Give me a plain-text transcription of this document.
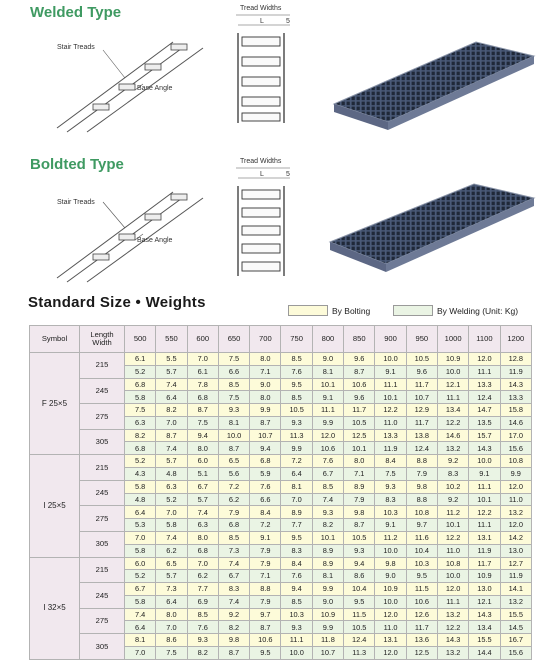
Welded Type
Boldted Type
Stair Treads
Base Angle
Stair Treads
Base Angle
Tread Widths
L	5
Tread Widths
L	5
Standard Size • Weights	By Bolting	By Welding (Unit: Kg)
Symbol	Length Width	500	550	600	650	700	750	800	850	900	950	1000	1100	1200
F 25×5	215	6.1	5.5	7.0	7.5	8.0	8.5	9.0	9.6	10.0	10.5	10.9	12.0	12.8
		5.2	5.7	6.1	6.6	7.1	7.6	8.1	8.7	9.1	9.6	10.0	11.1	11.9
	245	6.8	7.4	7.8	8.5	9.0	9.5	10.1	10.6	11.1	11.7	12.1	13.3	14.3
		5.8	6.4	6.8	7.5	8.0	8.5	9.1	9.6	10.1	10.7	11.1	12.4	13.3
	275	7.5	8.2	8.7	9.3	9.9	10.5	11.1	11.7	12.2	12.9	13.4	14.7	15.8
		6.3	7.0	7.5	8.1	8.7	9.3	9.9	10.5	11.0	11.7	12.2	13.5	14.6
	305	8.2	8.7	9.4	10.0	10.7	11.3	12.0	12.5	13.3	13.8	14.6	15.7	17.0
		6.8	7.4	8.0	8.7	9.4	9.9	10.6	10.1	11.9	12.4	13.2	14.3	15.6
I 25×5	215	5.2	5.7	6.0	6.5	6.8	7.2	7.6	8.0	8.4	8.8	9.2	10.0	10.8
		4.3	4.8	5.1	5.6	5.9	6.4	6.7	7.1	7.5	7.9	8.3	9.1	9.9
	245	5.8	6.3	6.7	7.2	7.6	8.1	8.5	8.9	9.3	9.8	10.2	11.1	12.0
		4.8	5.2	5.7	6.2	6.6	7.0	7.4	7.9	8.3	8.8	9.2	10.1	11.0
	275	6.4	7.0	7.4	7.9	8.4	8.9	9.3	9.8	10.3	10.8	11.2	12.2	13.2
		5.3	5.8	6.3	6.8	7.2	7.7	8.2	8.7	9.1	9.7	10.1	11.1	12.0
	305	7.0	7.4	8.0	8.5	9.1	9.5	10.1	10.5	11.2	11.6	12.2	13.1	14.2
		5.8	6.2	6.8	7.3	7.9	8.3	8.9	9.3	10.0	10.4	11.0	11.9	13.0
I 32×5	215	6.0	6.5	7.0	7.4	7.9	8.4	8.9	9.4	9.8	10.3	10.8	11.7	12.7
		5.2	5.7	6.2	6.7	7.1	7.6	8.1	8.6	9.0	9.5	10.0	10.9	11.9
	245	6.7	7.3	7.7	8.3	8.8	9.4	9.9	10.4	10.9	11.5	12.0	13.0	14.1
		5.8	6.4	6.9	7.4	7.9	8.5	9.0	9.5	10.0	10.6	11.1	12.1	13.2
	275	7.4	8.0	8.5	9.2	9.7	10.3	10.9	11.5	12.0	12.6	13.2	14.3	15.5
		6.4	7.0	7.6	8.2	8.7	9.3	9.9	10.5	11.0	11.7	12.2	13.4	14.5
	305	8.1	8.6	9.3	9.8	10.6	11.1	11.8	12.4	13.1	13.6	14.3	15.5	16.7
		7.0	7.5	8.2	8.7	9.5	10.0	10.7	11.3	12.0	12.5	13.2	14.4	15.6
